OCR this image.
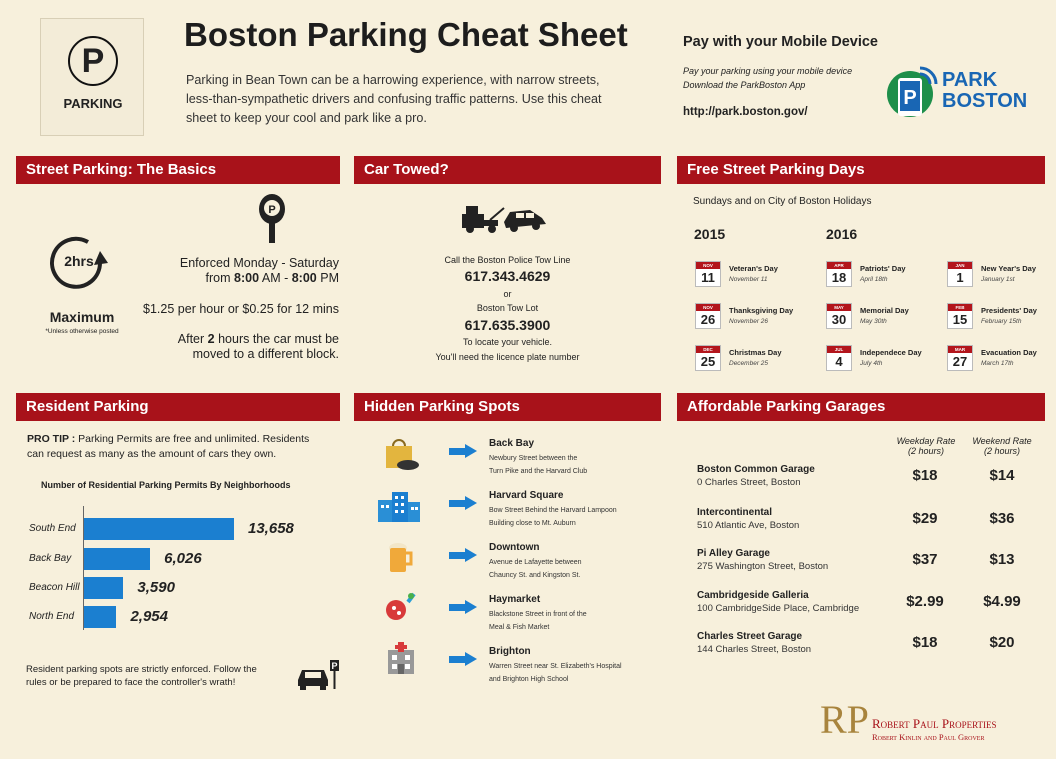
P
PARKING
Boston Parking Cheat Sheet
Parking in Bean Town can be a harrowing experience, with narrow streets, less-than-sympathetic drivers and confusing traffic patterns. Use this cheat sheet to keep your cool and park like a pro.
Pay with your Mobile Device
Pay your parking using your mobile device
Download the ParkBoston App
http://park.boston.gov/
P
PARK
BOSTON
Street Parking: The Basics	Car Towed?	Free Street Parking Days
2hrs
Maximum
*Unless otherwise posted
P
Enforced Monday - Saturday
from 8:00 AM - 8:00 PM
$1.25 per hour or $0.25 for 12 mins
After 2 hours the car must be
moved to a different block.
Call the Boston Police Tow Line
617.343.4629
or
Boston Tow Lot
617.635.3900
To locate your vehicle.
You'll need the licence plate number
Sundays and on City of Boston Holidays
2015	2016
NOV
11
Veteran's Day
November 11
NOV
26
Thanksgiving Day
November 26
DEC
25
Christmas Day
December 25
APR
18
Patriots' Day
April 18th
MAY
30
Memorial Day
May 30th
JUL
4
Independece Day
July 4th
JAN
1
New Year's Day
January 1st
FEB
15
Presidents' Day
February 15th
MAR
27
Evacuation Day
March 17th
Resident Parking	Hidden Parking Spots	Affordable Parking Garages
PRO TIP : Parking Permits are free and unlimited. Residents
can request as many as the amount of cars they own.
Number of Residential Parking Permits By Neighborhoods
South End	13,658
Back Bay	6,026
Beacon Hill	3,590
North End	2,954
Resident parking spots are strictly enforced. Follow the
rules or be prepared to face the controller's wrath!
P
Back Bay
Newbury Street between the
Turn Pike and the Harvard Club
Harvard Square
Bow Street Behind the Harvard Lampoon
Building close to Mt. Auburn
Downtown
Avenue de Lafayette between
Chauncy St. and Kingston St.
Haymarket
Blackstone Street in front of the
Meal & Fish Market
Brighton
Warren Street near St. Elizabeth's Hospital
and Brighton High School
Weekday Rate
(2 hours)
Weekend Rate
(2 hours)
Boston Common Garage
0 Charles Street, Boston	$18	$14
Intercontinental
510 Atlantic Ave, Boston	$29	$36
Pi Alley Garage
275 Washington Street, Boston	$37	$13
Cambridgeside Galleria
100 CambridgeSide Place, Cambridge	$2.99	$4.99
Charles Street Garage
144 Charles Street, Boston	$18	$20
RP Robert Paul Properties
Robert Kinlin and Paul Grover
